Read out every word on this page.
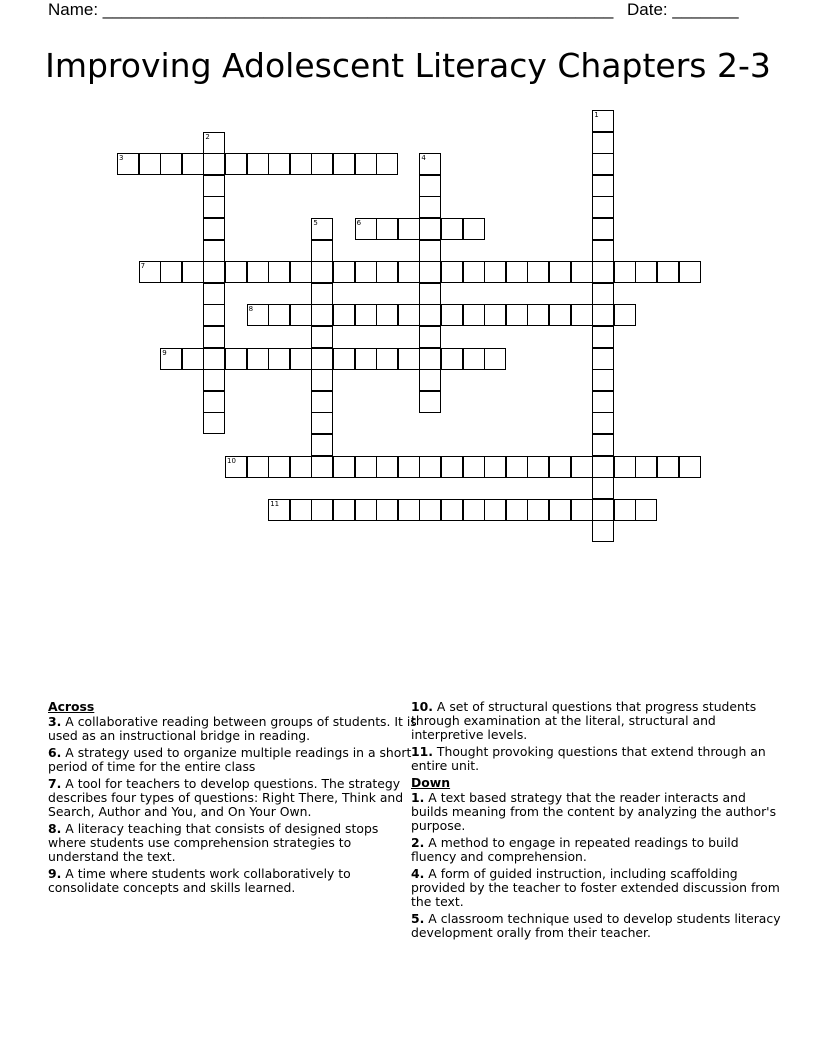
Name: ______________________________________________________ Date: _______
Improving Adolescent Literacy Chapters 2-3
1
2
3	4
5	6
7
8
9
10
11
Across
3. A collaborative reading between groups of students. It is used as an instructional bridge in reading.
6. A strategy used to organize multiple readings in a short period of time for the entire class
7. A tool for teachers to develop questions. The strategy describes four types of questions: Right There, Think and Search, Author and You, and On Your Own.
8. A literacy teaching that consists of designed stops where students use comprehension strategies to understand the text.
9. A time where students work collaboratively to consolidate concepts and skills learned.
10. A set of structural questions that progress students through examination at the literal, structural and interpretive levels.
11. Thought provoking questions that extend through an entire unit.
Down
1. A text based strategy that the reader interacts and builds meaning from the content by analyzing the author's purpose.
2. A method to engage in repeated readings to build fluency and comprehension.
4. A form of guided instruction, including scaffolding provided by the teacher to foster extended discussion from the text.
5. A classroom technique used to develop students literacy development orally from their teacher.
